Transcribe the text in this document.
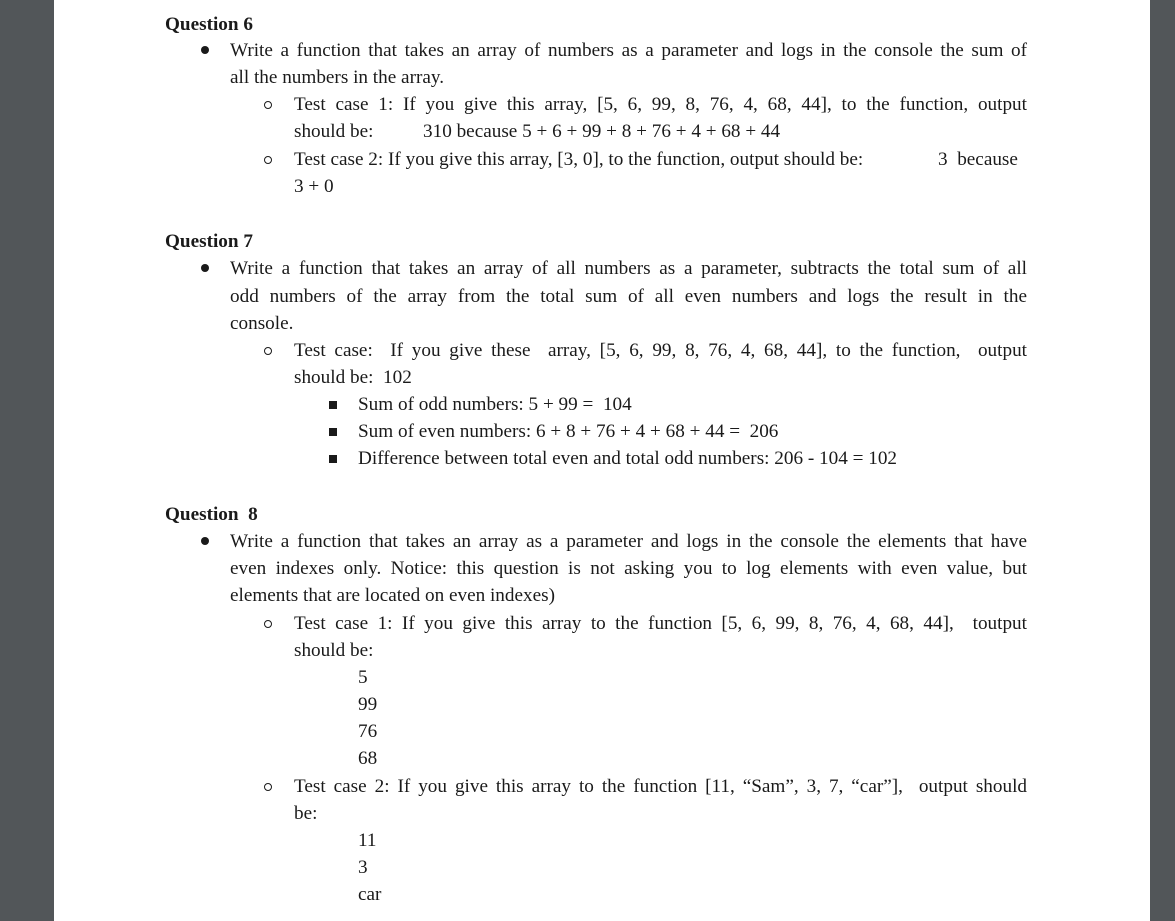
Question 6
Write a function that takes an array of numbers as a parameter and logs in the console the sum of
all the numbers in the array.
Test case 1: If you give this array, [5, 6, 99, 8, 76, 4, 68, 44], to the function, output
should be:	310 because 5 + 6 + 99 + 8 + 76 + 4 + 68 + 44
Test case 2: If you give this array, [3, 0], to the function, output should be:	3  because
3 + 0
Question 7
Write a function that takes an array of all numbers as a parameter, subtracts the total sum of all
odd numbers of the array from the total sum of all even numbers and logs the result in the
console.
Test case:  If you give these  array, [5, 6, 99, 8, 76, 4, 68, 44], to the function,  output
should be:  102
Sum of odd numbers: 5 + 99 =  104
Sum of even numbers: 6 + 8 + 76 + 4 + 68 + 44 =  206
Difference between total even and total odd numbers: 206 - 104 = 102
Question  8
Write a function that takes an array as a parameter and logs in the console the elements that have
even indexes only. Notice: this question is not asking you to log elements with even value, but
elements that are located on even indexes)
Test case 1: If you give this array to the function [5, 6, 99, 8, 76, 4, 68, 44],  toutput
should be:
5
99
76
68
Test case 2: If you give this array to the function [11, “Sam”, 3, 7, “car”],  output should
be:
11
3
car
